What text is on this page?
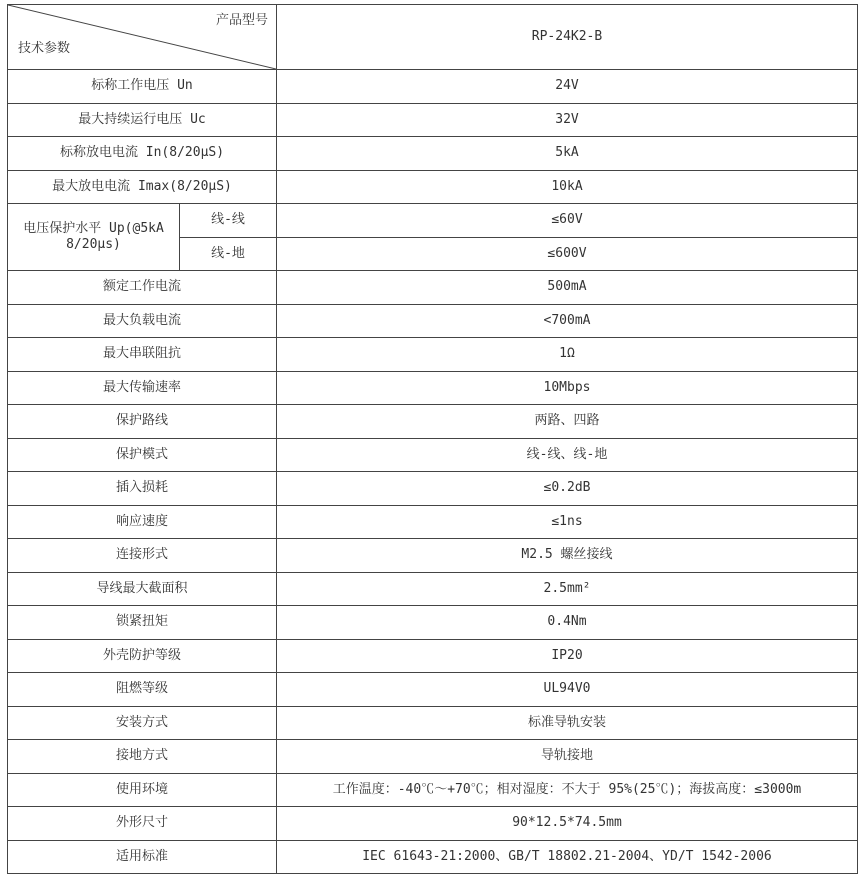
产品型号
技术参数		RP-24K2-B
标称工作电压 Un		24V
最大持续运行电压 Uc		32V
标称放电电流 In(8/20μS)		5kA
最大放电电流 Imax(8/20μS)		10kA

电压保护水平 Up(@5kA
8/20μs)	线-线	≤60V
	线-地	≤600V
额定工作电流		500mA
最大负载电流		<700mA
最大串联阻抗		1Ω
最大传输速率		10Mbps
保护路线		两路、四路
保护模式		线-线、线-地
插入损耗		≤0.2dB
响应速度		≤1ns
连接形式		M2.5 螺丝接线
导线最大截面积		2.5mm²
锁紧扭矩		0.4Nm
外壳防护等级		IP20
阻燃等级		UL94V0
安装方式		标准导轨安装
接地方式		导轨接地
使用环境		工作温度：-40℃～+70℃；相对湿度：不大于 95%(25℃)；海拔高度：≤3000m
外形尺寸		90*12.5*74.5mm
适用标准		IEC 61643-21:2000、GB/T 18802.21-2004、YD/T 1542-2006
